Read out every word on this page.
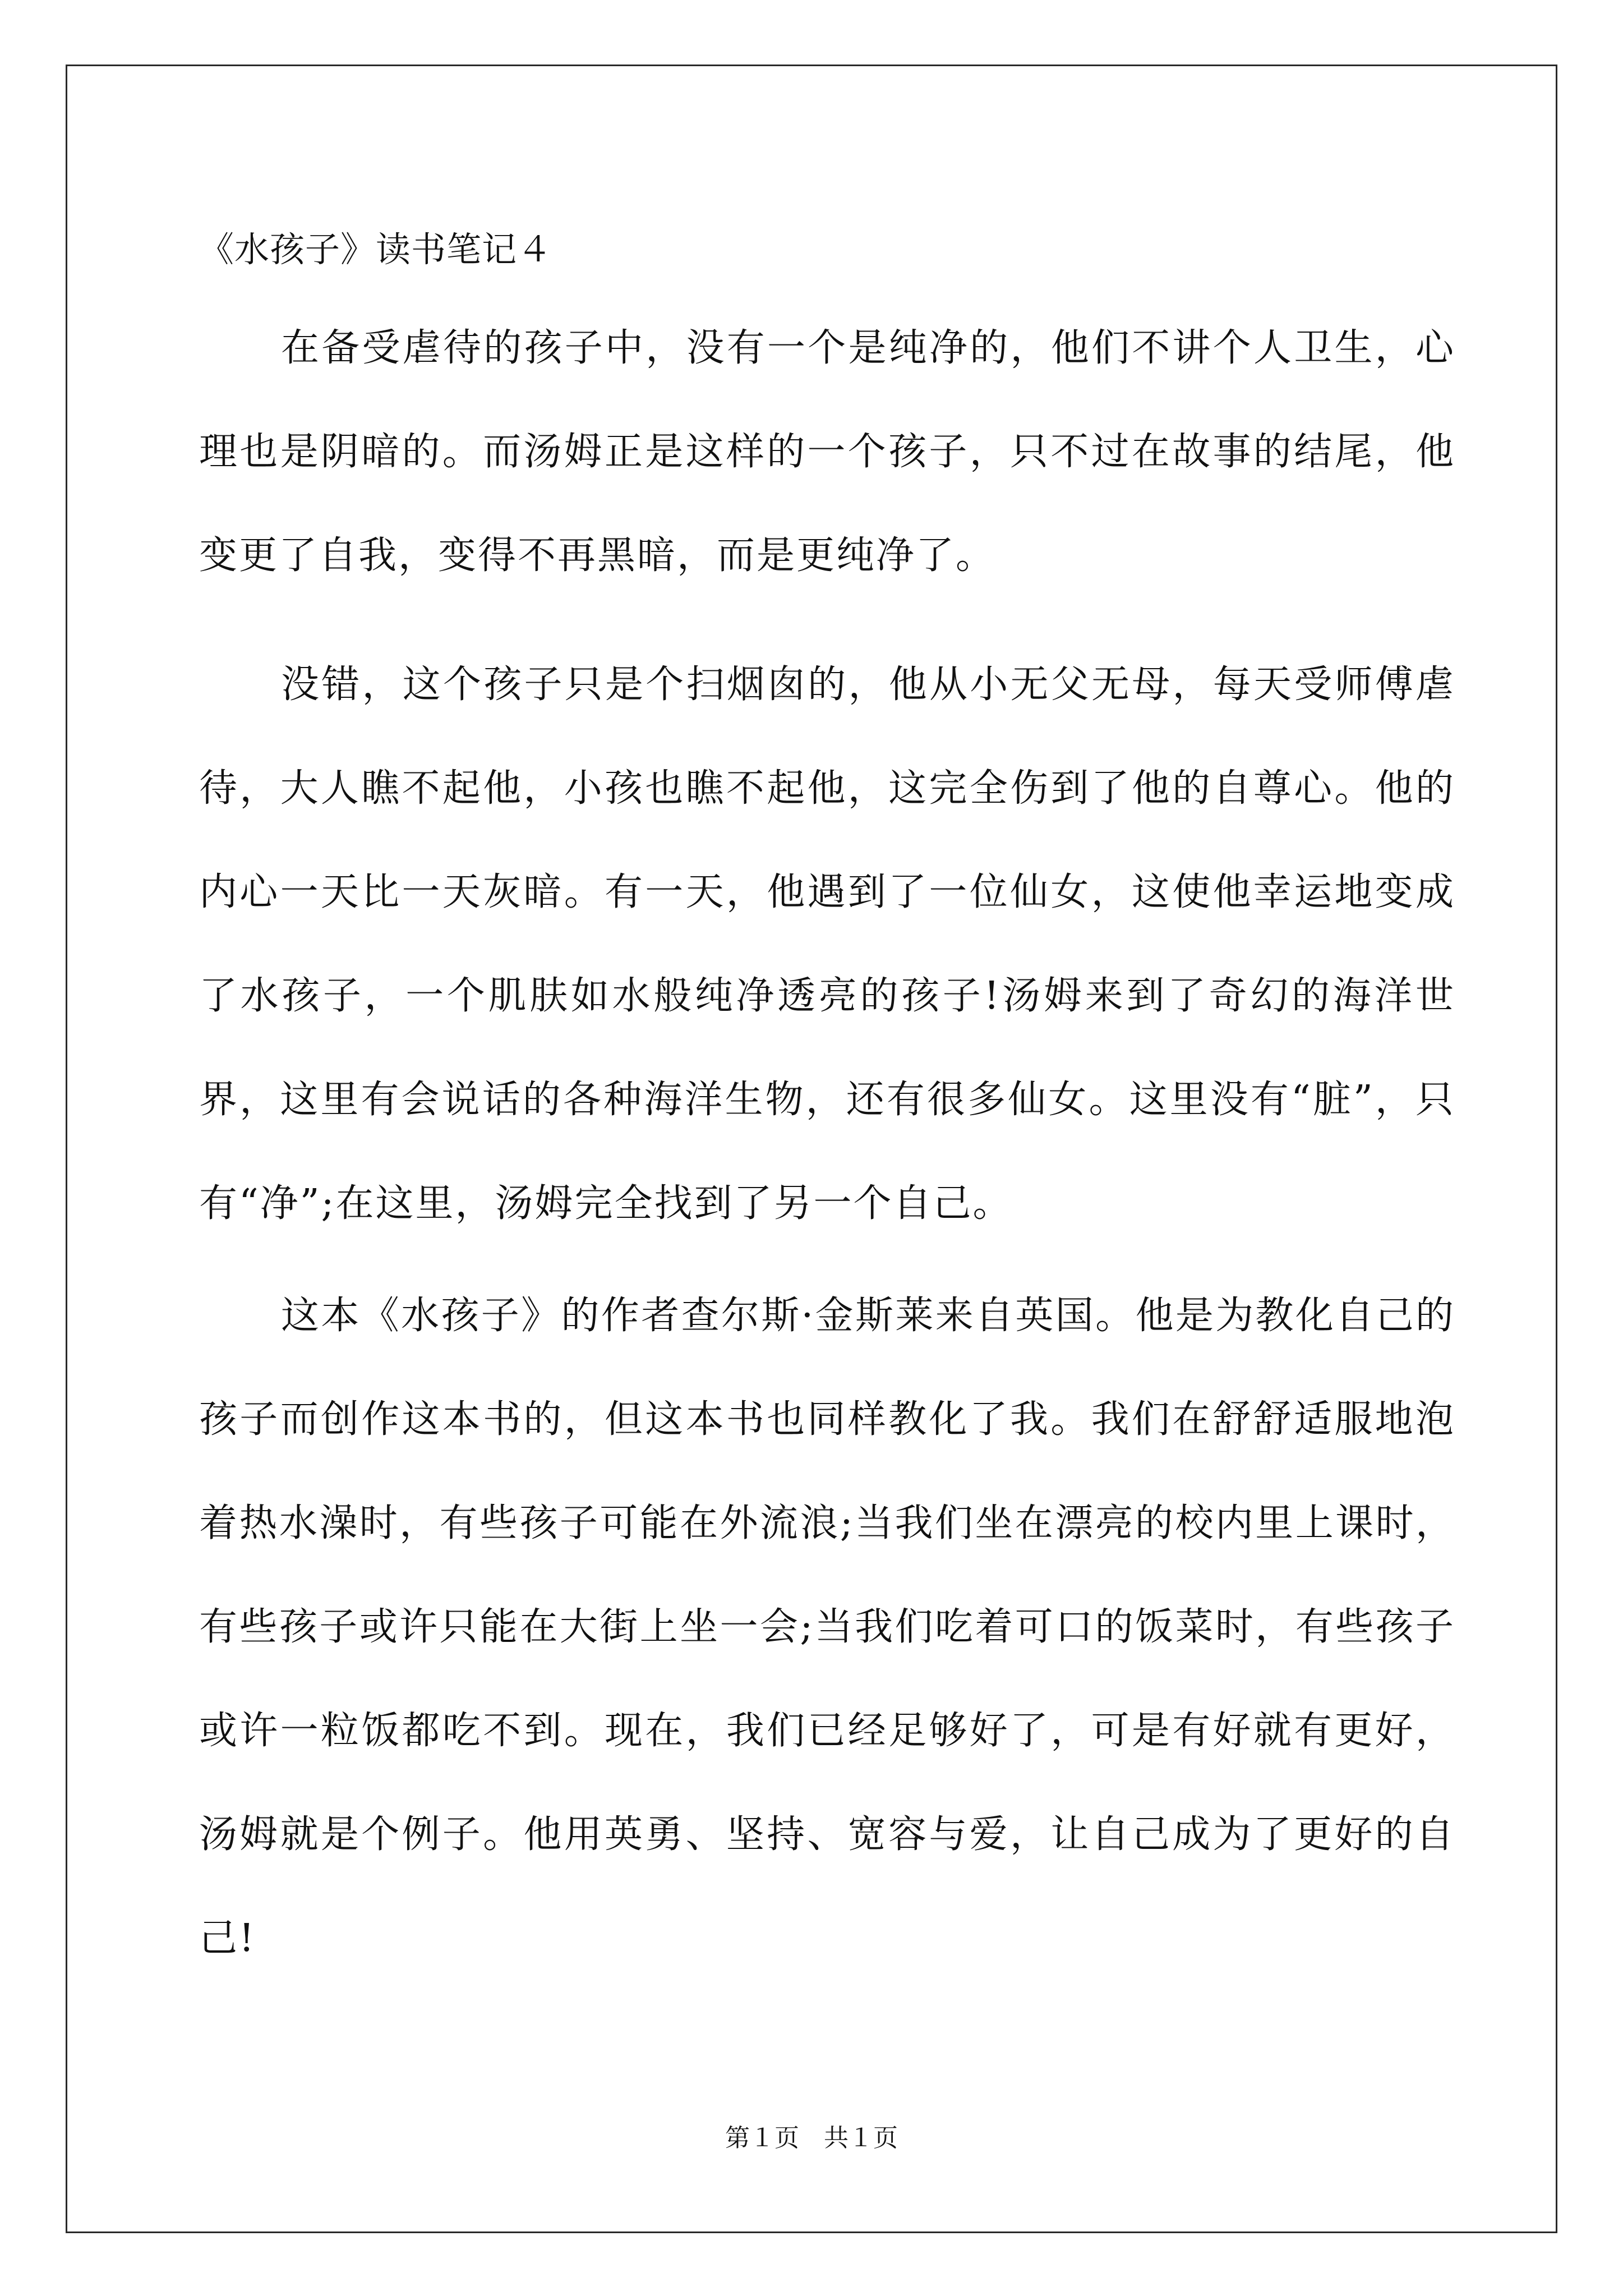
《水孩子》读书笔记４

在备受虐待的孩子中，没有一个是纯净的，他们不讲个人卫生，心理也是阴暗的。而汤姆正是这样的一个孩子，只不过在故事的结尾，他变更了自我，变得不再黑暗，而是更纯净了。

没错，这个孩子只是个扫烟囱的，他从小无父无母，每天受师傅虐待，大人瞧不起他，小孩也瞧不起他，这完全伤到了他的自尊心。他的内心一天比一天灰暗。有一天，他遇到了一位仙女，这使他幸运地变成了水孩子，一个肌肤如水般纯净透亮的孩子!汤姆来到了奇幻的海洋世界，这里有会说话的各种海洋生物，还有很多仙女。这里没有“脏”，只有“净”;在这里，汤姆完全找到了另一个自己。

这本《水孩子》的作者查尔斯·金斯莱来自英国。他是为教化自己的孩子而创作这本书的，但这本书也同样教化了我。我们在舒舒适服地泡着热水澡时，有些孩子可能在外流浪;当我们坐在漂亮的校内里上课时，有些孩子或许只能在大街上坐一会;当我们吃着可口的饭菜时，有些孩子或许一粒饭都吃不到。现在，我们已经足够好了，可是有好就有更好，汤姆就是个例子。他用英勇、坚持、宽容与爱，让自己成为了更好的自己!

第１页　共１页
